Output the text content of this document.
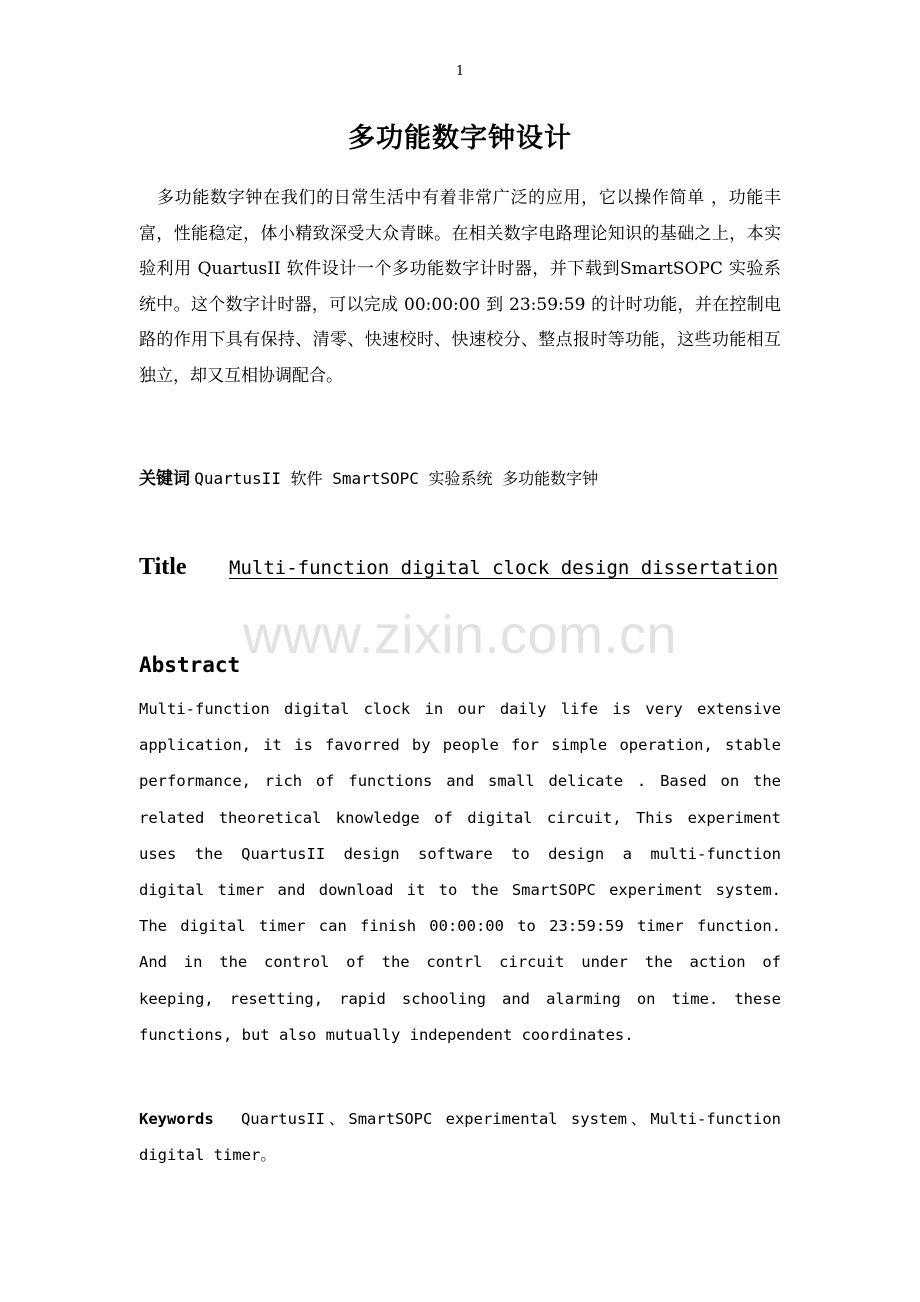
1
多功能数字钟设计

多功能数字钟在我们的日常生活中有着非常广泛的应用，它以操作简单 ，功能丰富，性能稳定，体小精致深受大众青睐。在相关数字电路理论知识的基础之上，本实验利用 QuartusII 软件设计一个多功能数字计时器，并下载到SmartSOPC 实验系统中。这个数字计时器，可以完成 00:00:00 到 23:59:59 的计时功能，并在控制电路的作用下具有保持、清零、快速校时、快速校分、整点报时等功能，这些功能相互独立，却又互相协调配合。

关键词 QuartusII 软件 SmartSOPC 实验系统 多功能数字钟
Title Multi-function digital clock design dissertation
www.zixin.com.cn
Abstract

Multi-function digital clock in our daily life is very extensive application, it is favorred by people for simple operation, stable performance, rich of functions and small delicate . Based on the related theoretical knowledge of digital circuit, This experiment uses the QuartusII design software to design a multi-function digital timer and download it to the SmartSOPC experiment system. The digital timer can finish 00:00:00 to 23:59:59 timer function. And in the control of the contrl circuit under the action of keeping, resetting, rapid schooling and alarming on time. these functions, but also mutually independent coordinates.

Keywords QuartusII、SmartSOPC experimental system、Multi-function digital timer。
